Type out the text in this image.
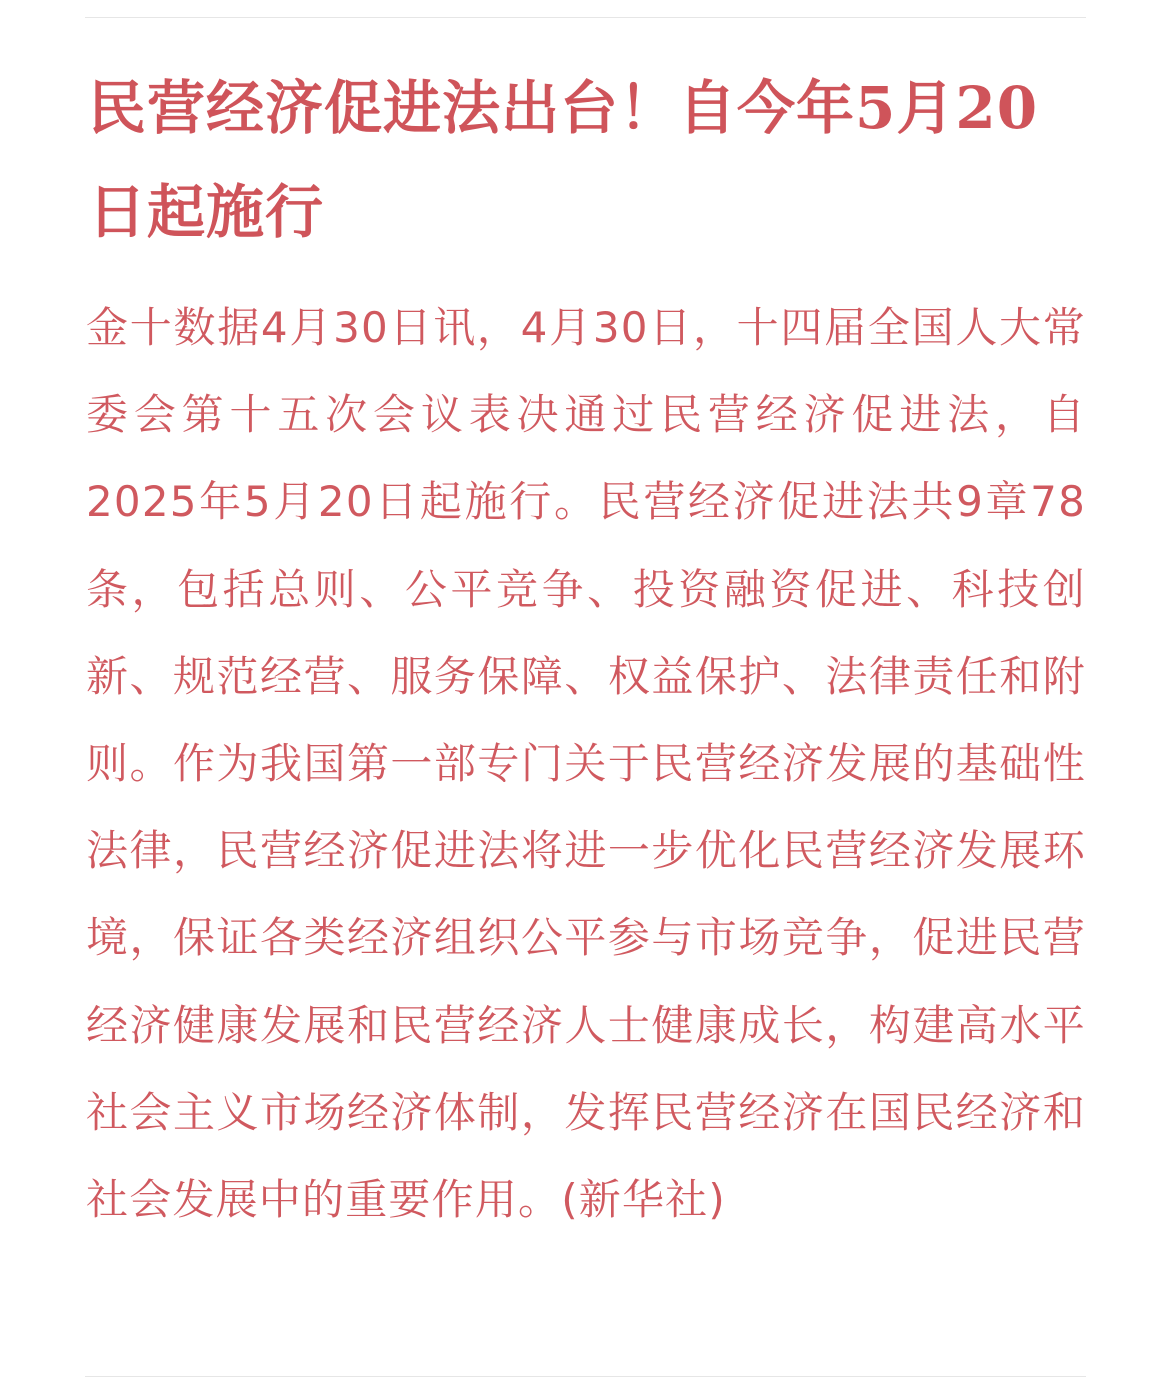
民营经济促进法出台！自今年5月20日起施行

金十数据4月30日讯，4月30日，十四届全国人大常委会第十五次会议表决通过民营经济促进法，自2025年5月20日起施行。民营经济促进法共9章78条，包括总则、公平竞争、投资融资促进、科技创新、规范经营、服务保障、权益保护、法律责任和附则。作为我国第一部专门关于民营经济发展的基础性法律，民营经济促进法将进一步优化民营经济发展环境，保证各类经济组织公平参与市场竞争，促进民营经济健康发展和民营经济人士健康成长，构建高水平社会主义市场经济体制，发挥民营经济在国民经济和社会发展中的重要作用。(新华社)
